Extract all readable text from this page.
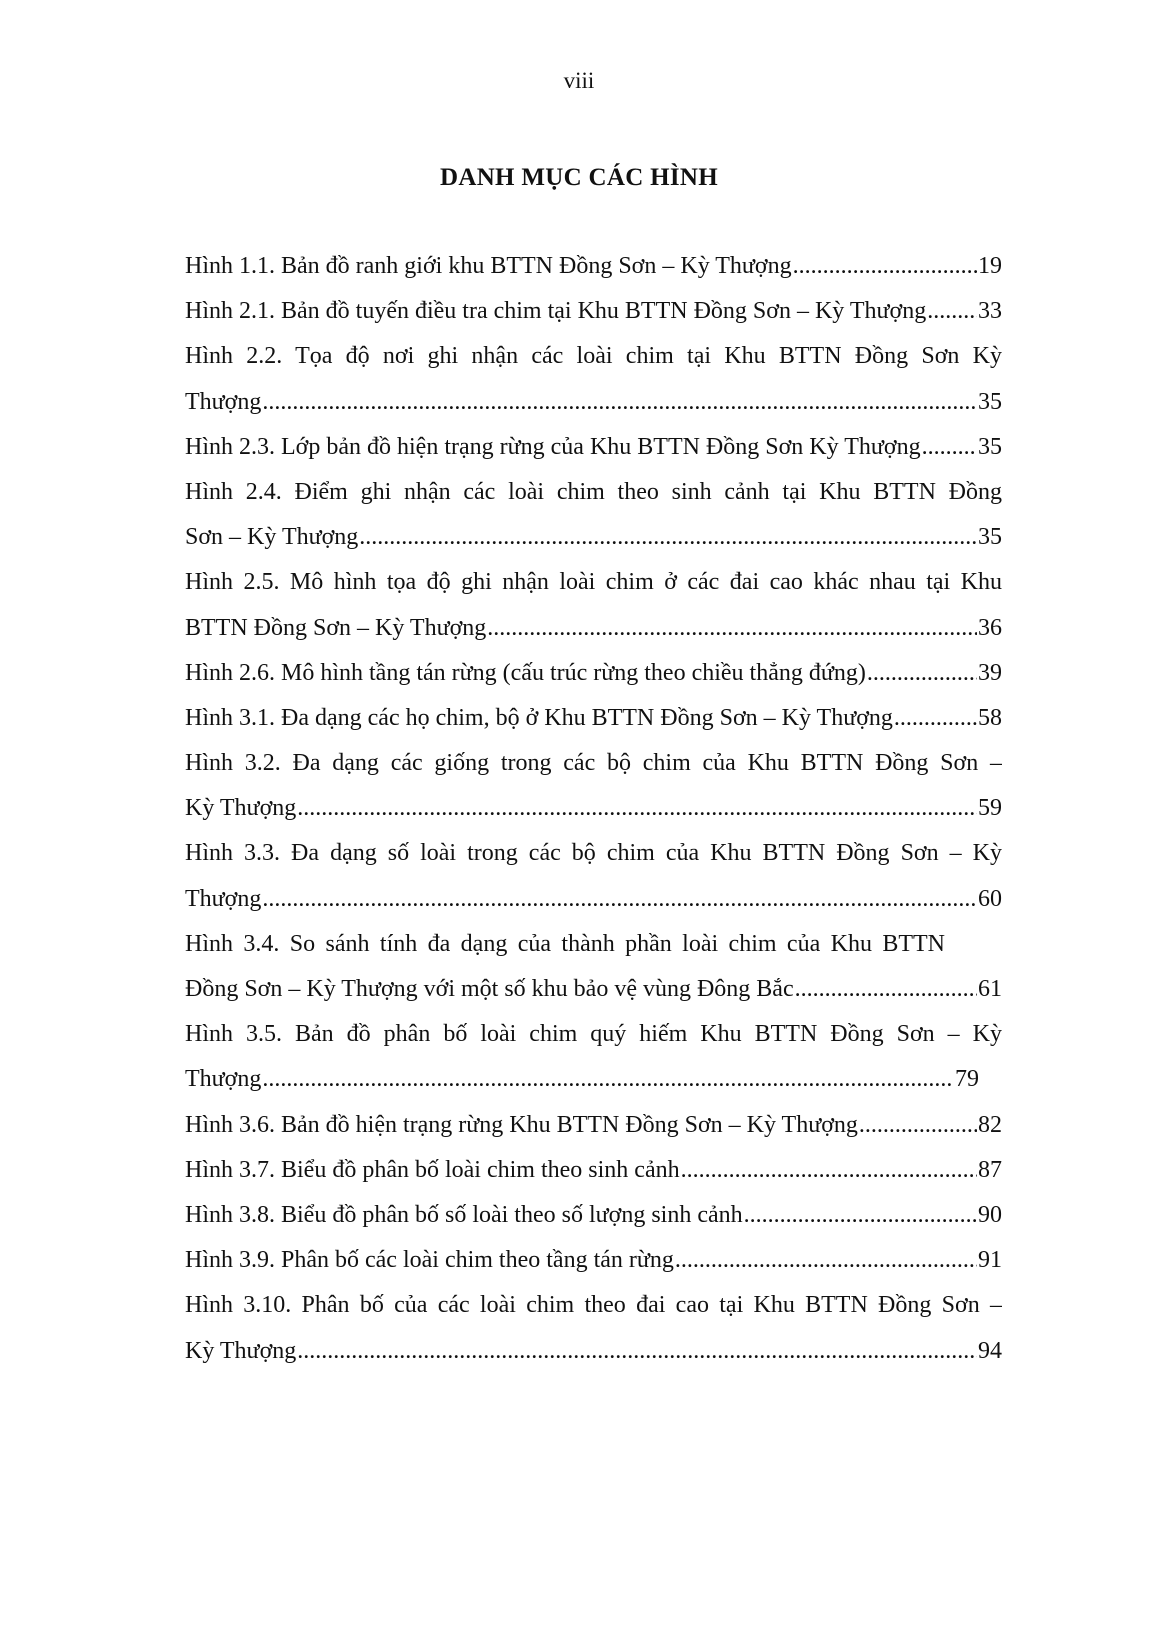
viii
DANH MỤC CÁC HÌNH
Hình 1.1. Bản đồ ranh giới khu BTTN Đồng Sơn – Kỳ Thượng .....	19
Hình 2.1. Bản đồ tuyến điều tra chim tại Khu BTTN Đồng Sơn – Kỳ Thượng ..... 33
Hình 2.2. Tọa độ nơi ghi nhận các loài chim tại Khu BTTN Đồng Sơn Kỳ
Thượng .....	35
Hình 2.3. Lớp bản đồ hiện trạng rừng của Khu BTTN Đồng Sơn Kỳ Thượng ..... 35
Hình 2.4. Điểm ghi nhận các loài chim theo sinh cảnh tại Khu BTTN Đồng
Sơn – Kỳ Thượng .....	35
Hình 2.5. Mô hình tọa độ ghi nhận loài chim ở các đai cao khác nhau tại Khu
BTTN Đồng Sơn – Kỳ Thượng .....	36
Hình 2.6. Mô hình tầng tán rừng (cấu trúc rừng theo chiều thẳng đứng) .....	39
Hình 3.1. Đa dạng các họ chim, bộ ở Khu BTTN Đồng Sơn – Kỳ Thượng .....	58
Hình 3.2. Đa dạng các giống trong các bộ chim của Khu BTTN Đồng Sơn –
Kỳ Thượng .....	59
Hình 3.3. Đa dạng số loài trong các bộ chim của Khu BTTN Đồng Sơn – Kỳ
Thượng .....	60
Hình 3.4. So sánh tính đa dạng của thành phần loài chim của Khu BTTN
Đồng Sơn – Kỳ Thượng với một số khu bảo vệ vùng Đông Bắc .....	61
Hình 3.5. Bản đồ phân bố loài chim quý hiếm Khu BTTN Đồng Sơn – Kỳ
Thượng .....	79
Hình 3.6. Bản đồ hiện trạng rừng Khu BTTN Đồng Sơn – Kỳ Thượng .....	82
Hình 3.7. Biểu đồ phân bố loài chim theo sinh cảnh .....	87
Hình 3.8. Biểu đồ phân bố số loài theo số lượng sinh cảnh .....	90
Hình 3.9. Phân bố các loài chim theo tầng tán rừng .....	91
Hình 3.10. Phân bố của các loài chim theo đai cao tại Khu BTTN Đồng Sơn –
Kỳ Thượng .....	94
